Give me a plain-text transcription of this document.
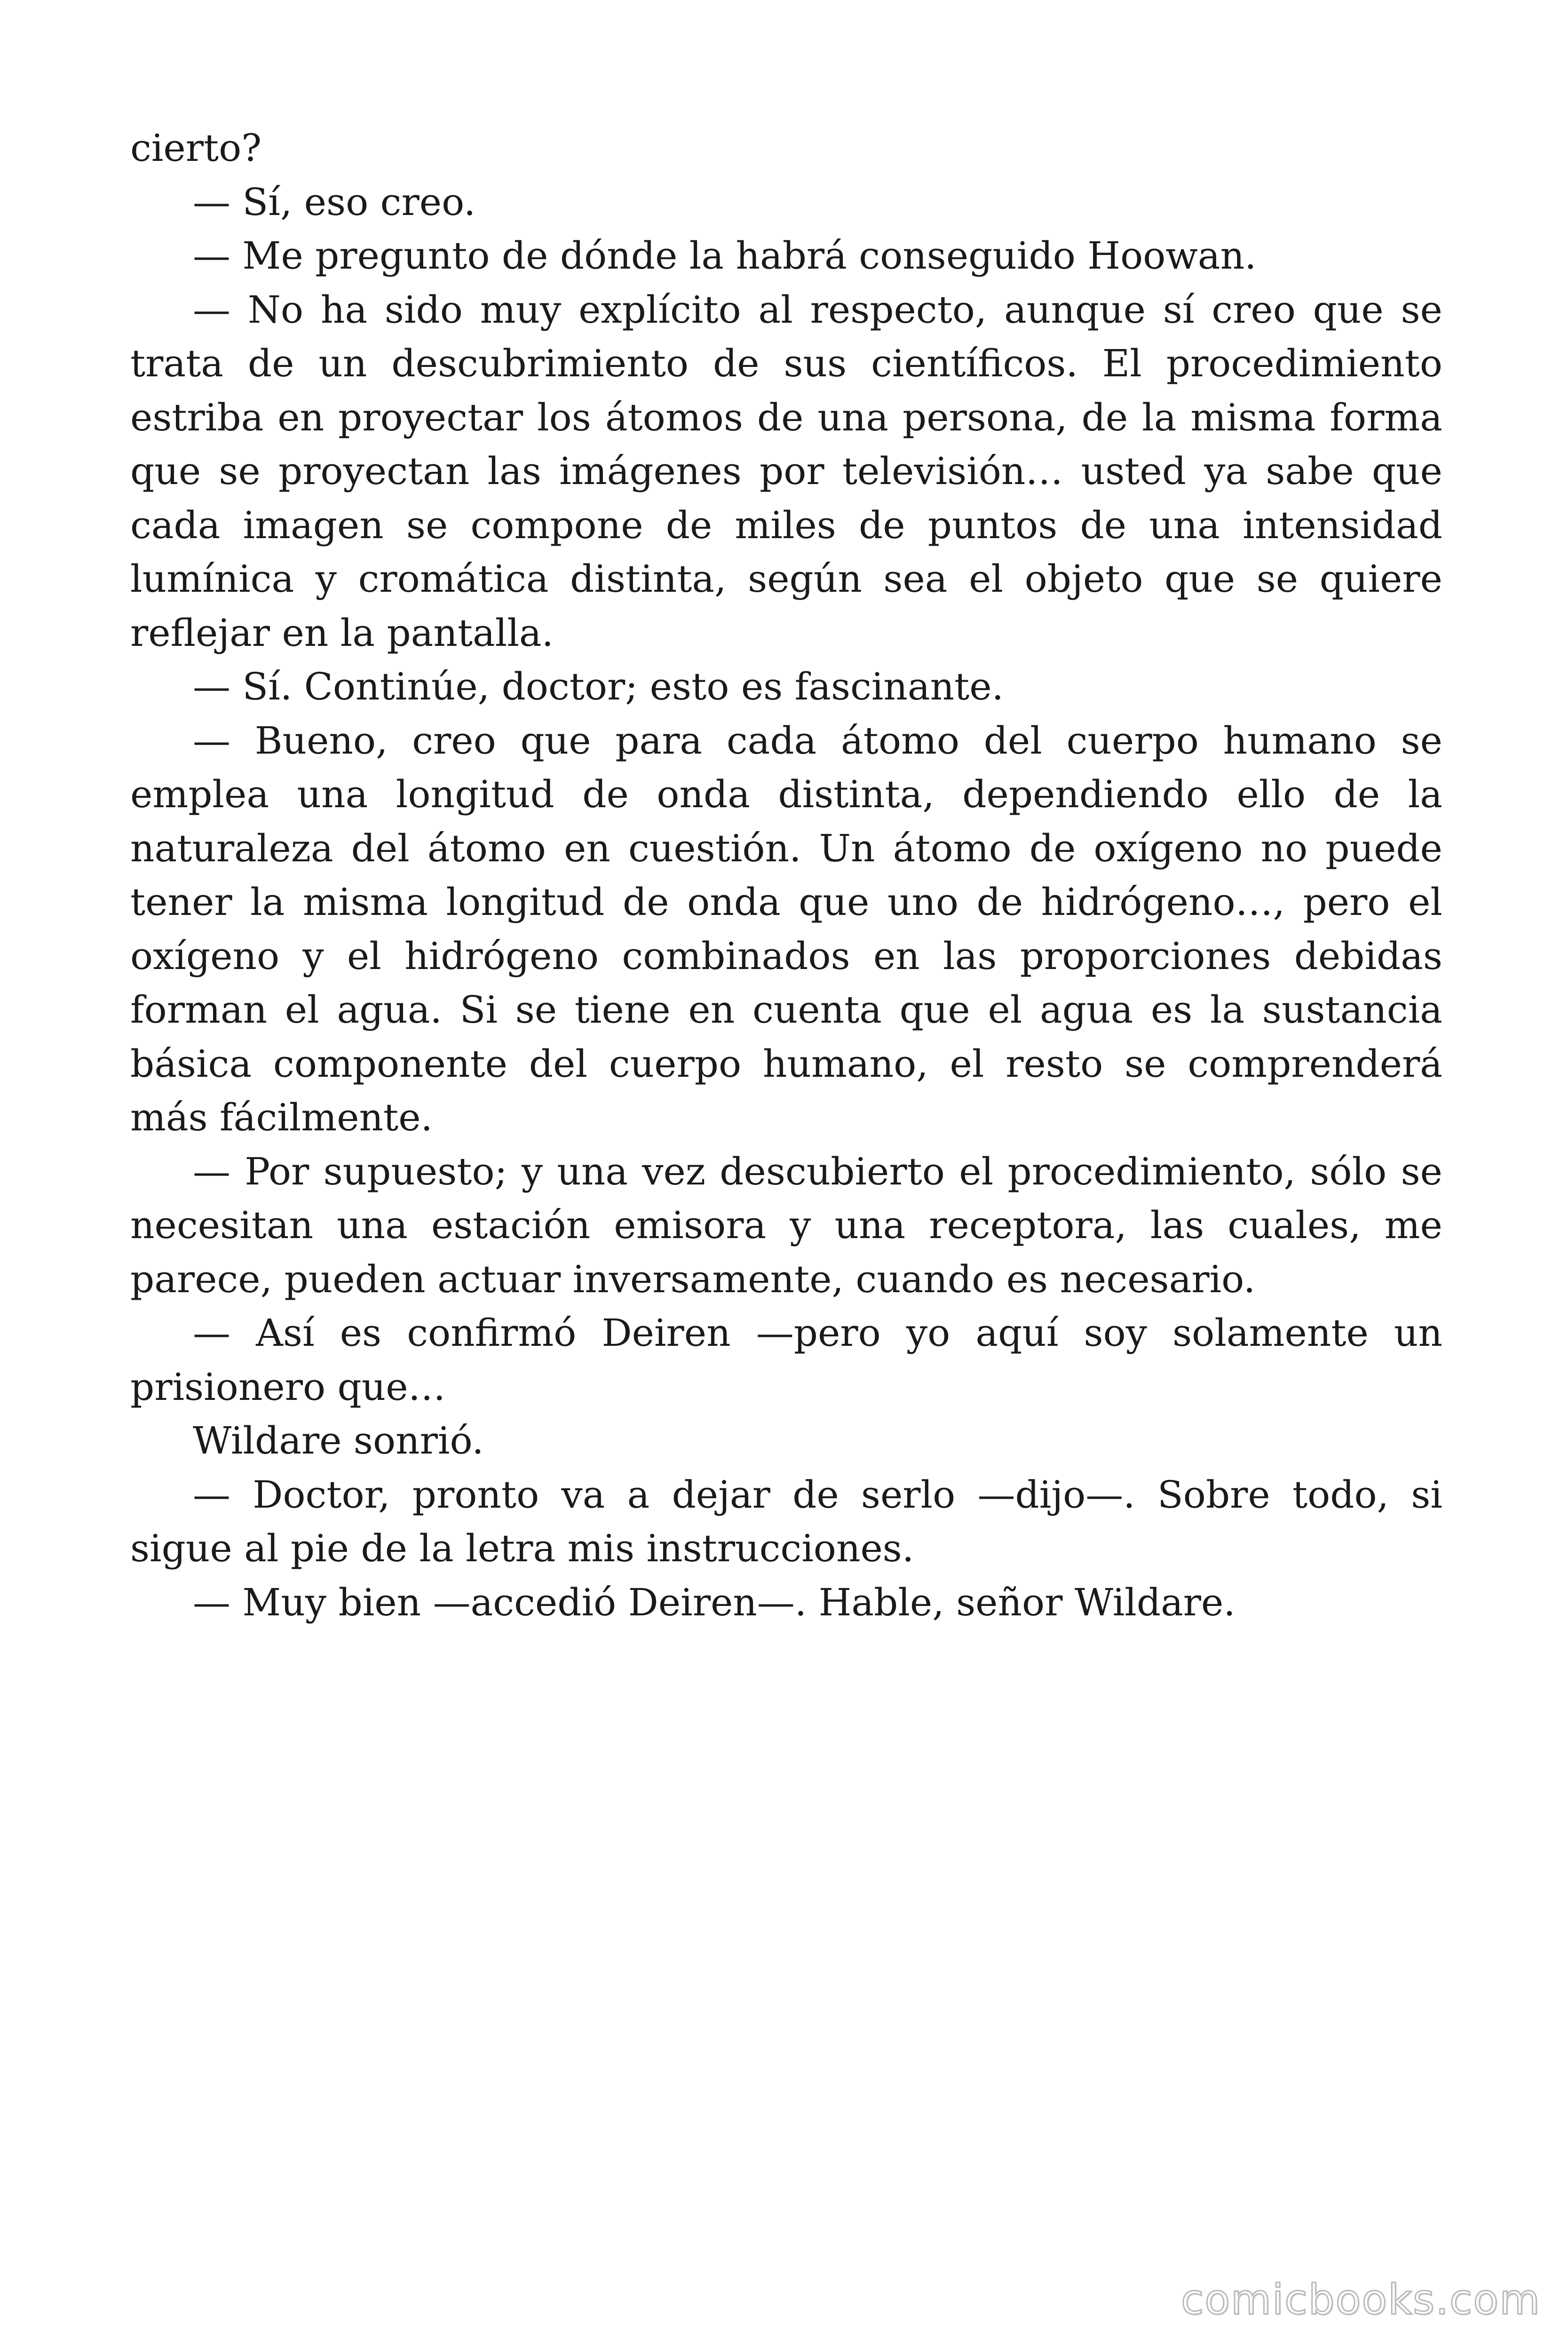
cierto?

— Sí, eso creo.

— Me pregunto de dónde la habrá conseguido Hoowan.

— No ha sido muy explícito al respecto, aunque sí creo que se trata de un descubrimiento de sus científicos. El procedimiento estriba en proyectar los átomos de una persona, de la misma forma que se proyectan las imágenes por televisión… usted ya sabe que cada imagen se compone de miles de puntos de una intensidad lumínica y cromática distinta, según sea el objeto que se quiere reflejar en la pantalla.

— Sí. Continúe, doctor; esto es fascinante.

— Bueno, creo que para cada átomo del cuerpo humano se emplea una longitud de onda distinta, dependiendo ello de la naturaleza del átomo en cuestión. Un átomo de oxígeno no puede tener la misma longitud de onda que uno de hidrógeno…, pero el oxígeno y el hidrógeno combinados en las proporciones debidas forman el agua. Si se tiene en cuenta que el agua es la sustancia básica componente del cuerpo humano, el resto se comprenderá más fácilmente.

— Por supuesto; y una vez descubierto el procedimiento, sólo se necesitan una estación emisora y una receptora, las cuales, me parece, pueden actuar inversamente, cuando es necesario.

— Así es confirmó Deiren —pero yo aquí soy solamente un prisionero que…

Wildare sonrió.

— Doctor, pronto va a dejar de serlo —dijo—. Sobre todo, si sigue al pie de la letra mis instrucciones.

— Muy bien —accedió Deiren—. Hable, señor Wildare.

comicbooks.com
